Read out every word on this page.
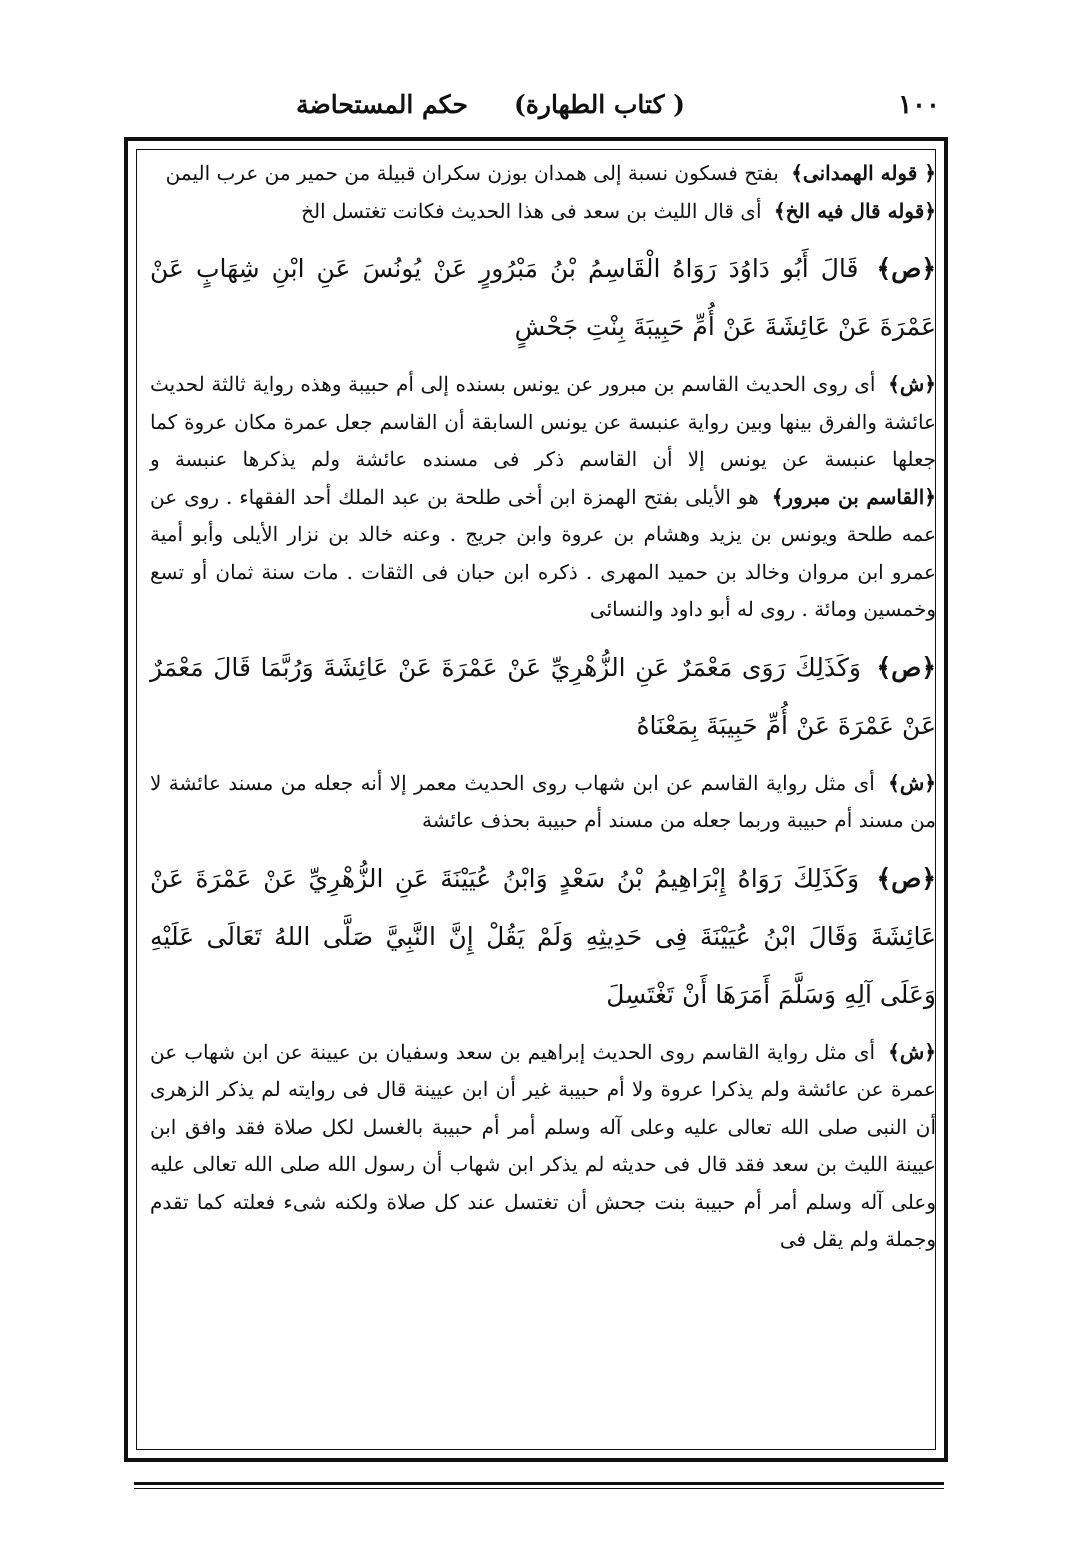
١٠٠
( كتاب الطهارة)حكم المستحاضة

﴿ قوله الهمدانى﴾ بفتح فسكون نسبة إلى همدان بوزن سكران قبيلة من حمير من عرب اليمن

﴿قوله قال فيه الخ﴾ أى قال الليث بن سعد فى هذا الحديث فكانت تغتسل الخ

﴿ص﴾ قَالَ أَبُو دَاوُدَ رَوَاهُ الْقَاسِمُ بْنُ مَبْرُورٍ عَنْ يُونُسَ عَنِ ابْنِ شِهَابٍ عَنْ عَمْرَةَ عَنْ عَائِشَةَ عَنْ أُمِّ حَبِيبَةَ بِنْتِ جَحْشٍ

﴿ش﴾ أى روى الحديث القاسم بن مبرور عن يونس بسنده إلى أم حبيبة وهذه رواية ثالثة لحديث عائشة والفرق بينها وبين رواية عنبسة عن يونس السابقة أن القاسم جعل عمرة مكان عروة كما جعلها عنبسة عن يونس إلا أن القاسم ذكر فى مسنده عائشة ولم يذكرها عنبسة و ﴿القاسم بن مبرور﴾ هو الأيلى بفتح الهمزة ابن أخى طلحة بن عبد الملك أحد الفقهاء . روى عن عمه طلحة ويونس بن يزيد وهشام بن عروة وابن جريج . وعنه خالد بن نزار الأيلى وأبو أمية عمرو ابن مروان وخالد بن حميد المهرى . ذكره ابن حبان فى الثقات . مات سنة ثمان أو تسع وخمسين ومائة . روى له أبو داود والنسائى

﴿ص﴾ وَكَذَلِكَ رَوَى مَعْمَرٌ عَنِ الزُّهْرِيِّ عَنْ عَمْرَةَ عَنْ عَائِشَةَ وَرُبَّمَا قَالَ مَعْمَرٌ عَنْ عَمْرَةَ عَنْ أُمِّ حَبِيبَةَ بِمَعْنَاهُ

﴿ش﴾ أى مثل رواية القاسم عن ابن شهاب روى الحديث معمر إلا أنه جعله من مسند عائشة لا من مسند أم حبيبة وربما جعله من مسند أم حبيبة بحذف عائشة

﴿ص﴾ وَكَذَلِكَ رَوَاهُ إِبْرَاهِيمُ بْنُ سَعْدٍ وَابْنُ عُيَيْنَةَ عَنِ الزُّهْرِيِّ عَنْ عَمْرَةَ عَنْ عَائِشَةَ وَقَالَ ابْنُ عُيَيْنَةَ فِى حَدِيثِهِ وَلَمْ يَقُلْ إِنَّ النَّبِيَّ صَلَّى اللهُ تَعَالَى عَلَيْهِ وَعَلَى آلِهِ وَسَلَّمَ أَمَرَهَا أَنْ تَغْتَسِلَ

﴿ش﴾ أى مثل رواية القاسم روى الحديث إبراهيم بن سعد وسفيان بن عيينة عن ابن شهاب عن عمرة عن عائشة ولم يذكرا عروة ولا أم حبيبة غير أن ابن عيينة قال فى روايته لم يذكر الزهرى أن النبى صلى الله تعالى عليه وعلى آله وسلم أمر أم حبيبة بالغسل لكل صلاة فقد وافق ابن عيينة الليث بن سعد فقد قال فى حديثه لم يذكر ابن شهاب أن رسول الله صلى الله تعالى عليه وعلى آله وسلم أمر أم حبيبة بنت جحش أن تغتسل عند كل صلاة ولكنه شىء فعلته كما تقدم وجملة ولم يقل فى
